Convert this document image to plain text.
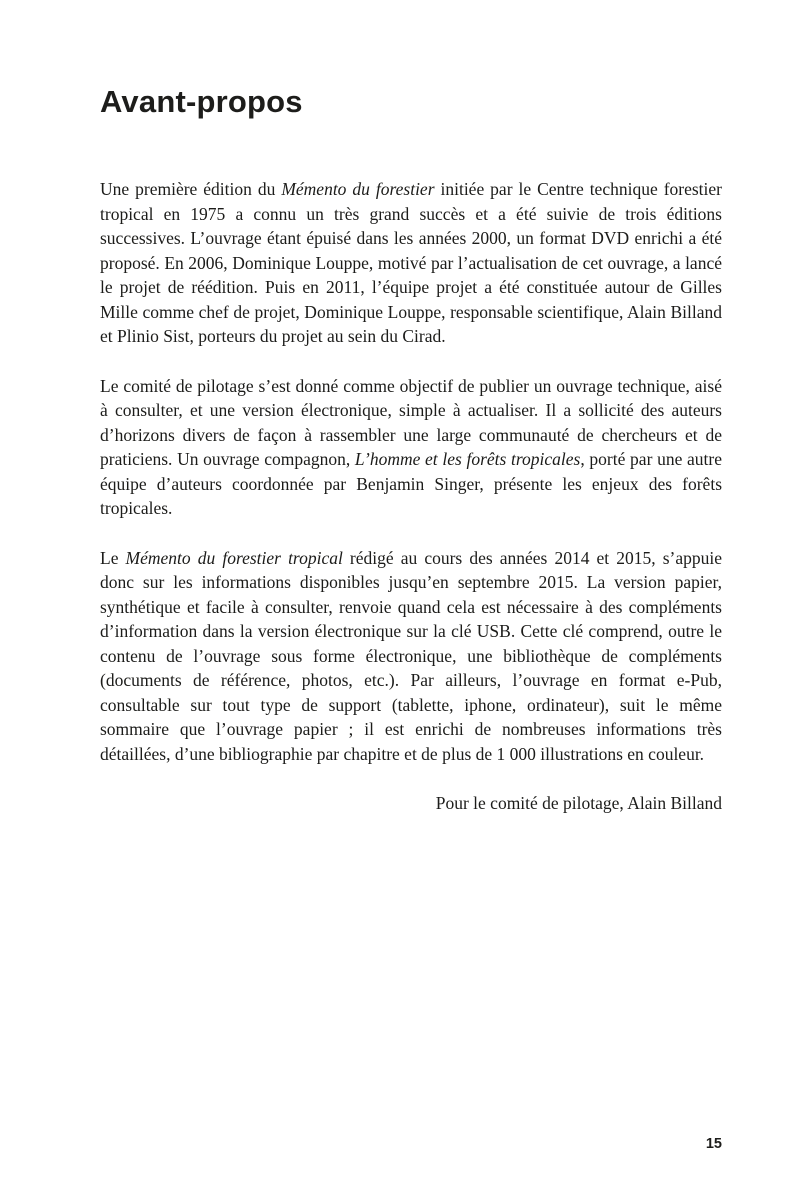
Avant-propos

Une première édition du Mémento du forestier initiée par le Centre technique forestier tropical en 1975 a connu un très grand succès et a été suivie de trois éditions successives. L’ouvrage étant épuisé dans les années 2000, un format DVD enrichi a été proposé. En 2006, Dominique Louppe, motivé par l’actualisation de cet ouvrage, a lancé le projet de réédition. Puis en 2011, l’équipe projet a été constituée autour de Gilles Mille comme chef de projet, Dominique Louppe, responsable scientifique, Alain Billand et Plinio Sist, porteurs du projet au sein du Cirad.

Le comité de pilotage s’est donné comme objectif de publier un ouvrage technique, aisé à consulter, et une version électronique, simple à actualiser. Il a sollicité des auteurs d’horizons divers de façon à rassembler une large communauté de chercheurs et de praticiens. Un ouvrage compagnon, L’homme et les forêts tropicales, porté par une autre équipe d’auteurs coordonnée par Benjamin Singer, présente les enjeux des forêts tropicales.

Le Mémento du forestier tropical rédigé au cours des années 2014 et 2015, s’appuie donc sur les informations disponibles jusqu’en septembre 2015. La version papier, synthétique et facile à consulter, renvoie quand cela est nécessaire à des compléments d’information dans la version électronique sur la clé USB. Cette clé comprend, outre le contenu de l’ouvrage sous forme électronique, une bibliothèque de compléments (documents de référence, photos, etc.). Par ailleurs, l’ouvrage en format e-Pub, consultable sur tout type de support (tablette, iphone, ordinateur), suit le même sommaire que l’ouvrage papier ; il est enrichi de nombreuses informations très détaillées, d’une bibliographie par chapitre et de plus de 1 000 illustrations en couleur.

Pour le comité de pilotage, Alain Billand
15
